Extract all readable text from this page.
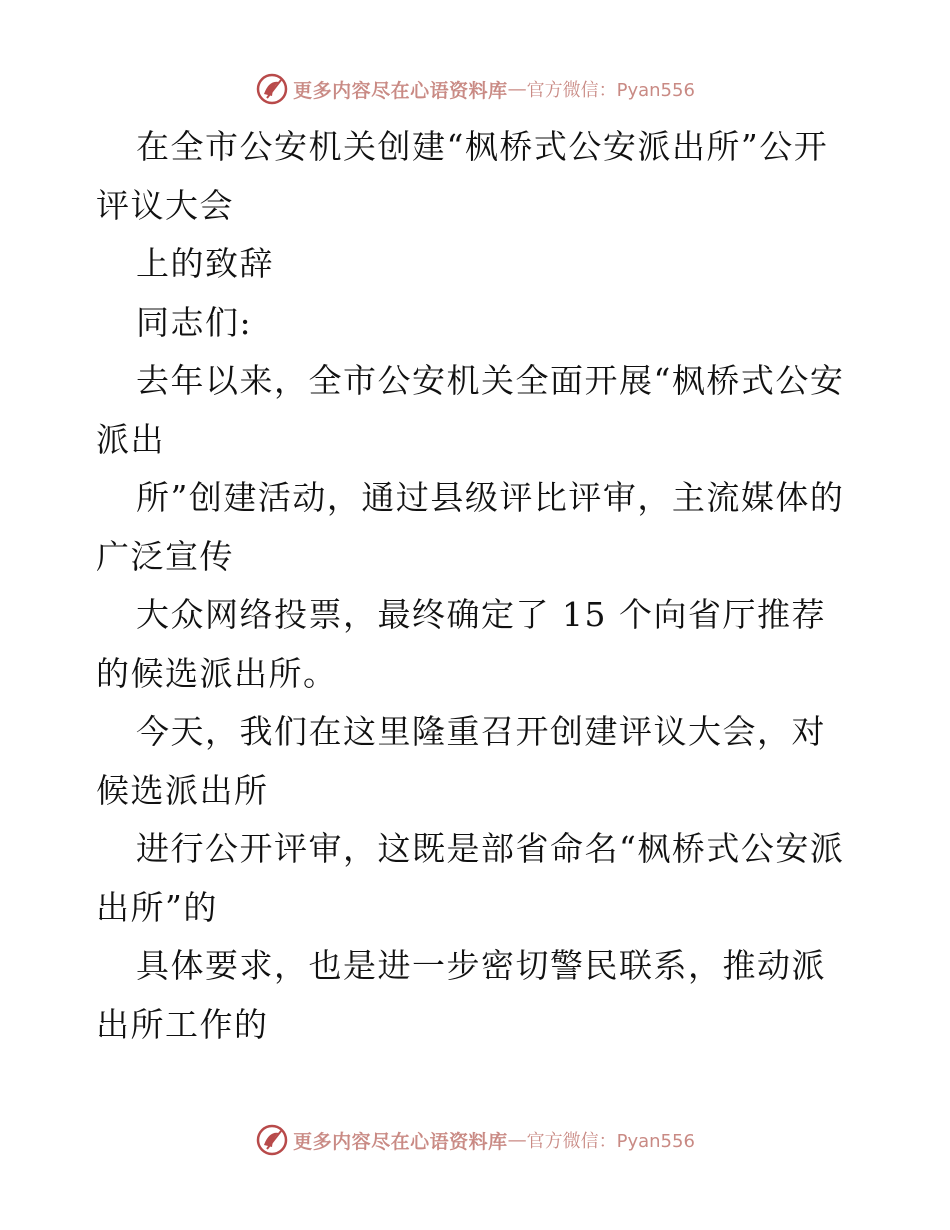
更多内容尽在心语资料库 — 官方微信：Pyan556

在全市公安机关创建“枫桥式公安派出所”公开评议大会

上的致辞

同志们:

去年以来，全市公安机关全面开展“枫桥式公安派出

所”创建活动，通过县级评比评审，主流媒体的广泛宣传

大众网络投票，最终确定了 15 个向省厅推荐的候选派出所。

今天，我们在这里隆重召开创建评议大会，对候选派出所

进行公开评审，这既是部省命名“枫桥式公安派出所”的

具体要求，也是进一步密切警民联系，推动派出所工作的

更多内容尽在心语资料库 — 官方微信：Pyan556
